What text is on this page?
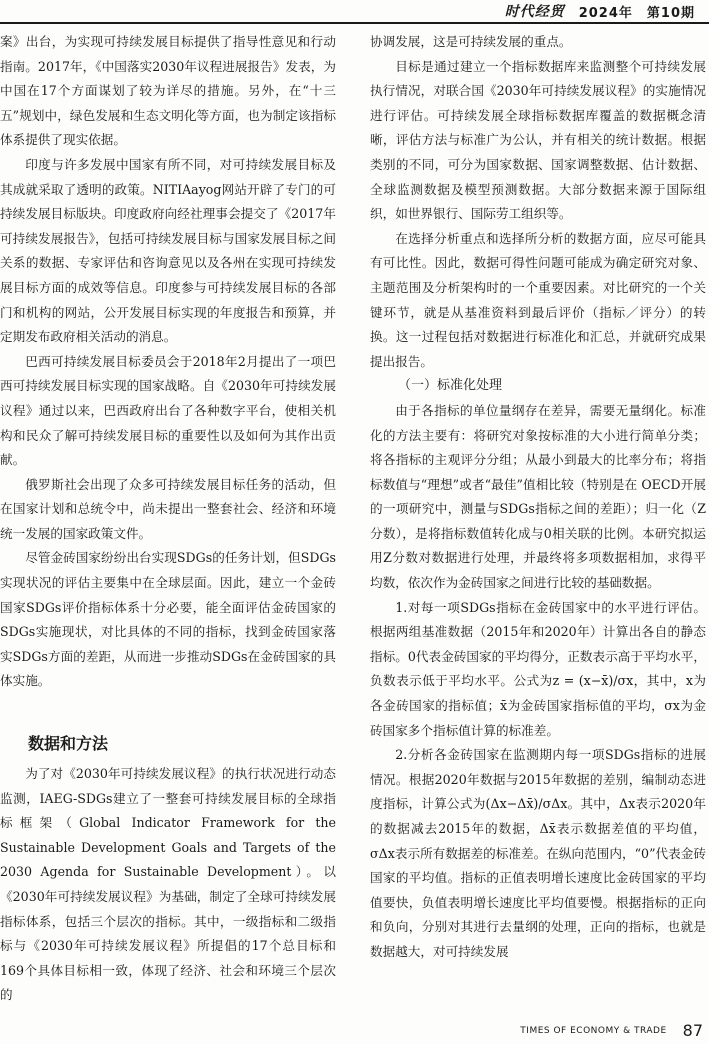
时代经贸 2024年 第10期

案》出台，为实现可持续发展目标提供了指导性意见和行动指南。2017年，《中国落实2030年议程进展报告》发表，为中国在17个方面谋划了较为详尽的措施。另外，在“十三五”规划中，绿色发展和生态文明化等方面，也为制定该指标体系提供了现实依据。

印度与许多发展中国家有所不同，对可持续发展目标及其成就采取了透明的政策。NITIAayog网站开辟了专门的可持续发展目标版块。印度政府向经社理事会提交了《2017年可持续发展报告》，包括可持续发展目标与国家发展目标之间关系的数据、专家评估和咨询意见以及各州在实现可持续发展目标方面的成效等信息。印度参与可持续发展目标的各部门和机构的网站，公开发展目标实现的年度报告和预算，并定期发布政府相关活动的消息。

巴西可持续发展目标委员会于2018年2月提出了一项巴西可持续发展目标实现的国家战略。自《2030年可持续发展议程》通过以来，巴西政府出台了各种数字平台，使相关机构和民众了解可持续发展目标的重要性以及如何为其作出贡献。

俄罗斯社会出现了众多可持续发展目标任务的活动，但在国家计划和总统令中，尚未提出一整套社会、经济和环境统一发展的国家政策文件。

尽管金砖国家纷纷出台实现SDGs的任务计划，但SDGs实现状况的评估主要集中在全球层面。因此，建立一个金砖国家SDGs评价指标体系十分必要，能全面评估金砖国家的SDGs实施现状，对比具体的不同的指标，找到金砖国家落实SDGs方面的差距，从而进一步推动SDGs在金砖国家的具体实施。

数据和方法

为了对《2030年可持续发展议程》的执行状况进行动态监测，IAEG-SDGs建立了一整套可持续发展目标的全球指标框架（Global Indicator Framework for the Sustainable Development Goals and Targets of the 2030 Agenda for Sustainable Development）。以《2030年可持续发展议程》为基础，制定了全球可持续发展指标体系，包括三个层次的指标。其中，一级指标和二级指标与《2030年可持续发展议程》所提倡的17个总目标和169个具体目标相一致，体现了经济、社会和环境三个层次的

协调发展，这是可持续发展的重点。

目标是通过建立一个指标数据库来监测整个可持续发展执行情况，对联合国《2030年可持续发展议程》的实施情况进行评估。可持续发展全球指标数据库覆盖的数据概念清晰，评估方法与标准广为公认，并有相关的统计数据。根据类别的不同，可分为国家数据、国家调整数据、估计数据、全球监测数据及模型预测数据。大部分数据来源于国际组织，如世界银行、国际劳工组织等。

在选择分析重点和选择所分析的数据方面，应尽可能具有可比性。因此，数据可得性问题可能成为确定研究对象、主题范围及分析架构时的一个重要因素。对比研究的一个关键环节，就是从基准资料到最后评价（指标／评分）的转换。这一过程包括对数据进行标准化和汇总，并就研究成果提出报告。

（一）标准化处理

由于各指标的单位量纲存在差异，需要无量纲化。标准化的方法主要有：将研究对象按标准的大小进行简单分类；将各指标的主观评分分组；从最小到最大的比率分布；将指标数值与“理想”或者“最佳”值相比较（特别是在 OECD开展的一项研究中，测量与SDGs指标之间的差距）；归一化（Z分数），是将指标数值转化成与0相关联的比例。本研究拟运用Z分数对数据进行处理，并最终将多项数据相加，求得平均数，依次作为金砖国家之间进行比较的基础数据。

1.对每一项SDGs指标在金砖国家中的水平进行评估。根据两组基准数据（2015年和2020年）计算出各自的静态指标。0代表金砖国家的平均得分，正数表示高于平均水平，负数表示低于平均水平。公式为z = (x−x̄)/σx，其中，x为各金砖国家的指标值；x̄为金砖国家指标值的平均，σx为金砖国家多个指标值计算的标准差。

2.分析各金砖国家在监测期内每一项SDGs指标的进展情况。根据2020年数据与2015年数据的差别，编制动态进度指标，计算公式为(Δx−Δx̄)/σΔx。其中，Δx表示2020年的数据减去2015年的数据，Δx̄表示数据差值的平均值，σΔx表示所有数据差的标准差。在纵向范围内，“0”代表金砖国家的平均值。指标的正值表明增长速度比金砖国家的平均值要快，负值表明增长速度比平均值要慢。根据指标的正向和负向，分别对其进行去量纲的处理，正向的指标，也就是数据越大，对可持续发展

TIMES OF ECONOMY & TRADE 87
